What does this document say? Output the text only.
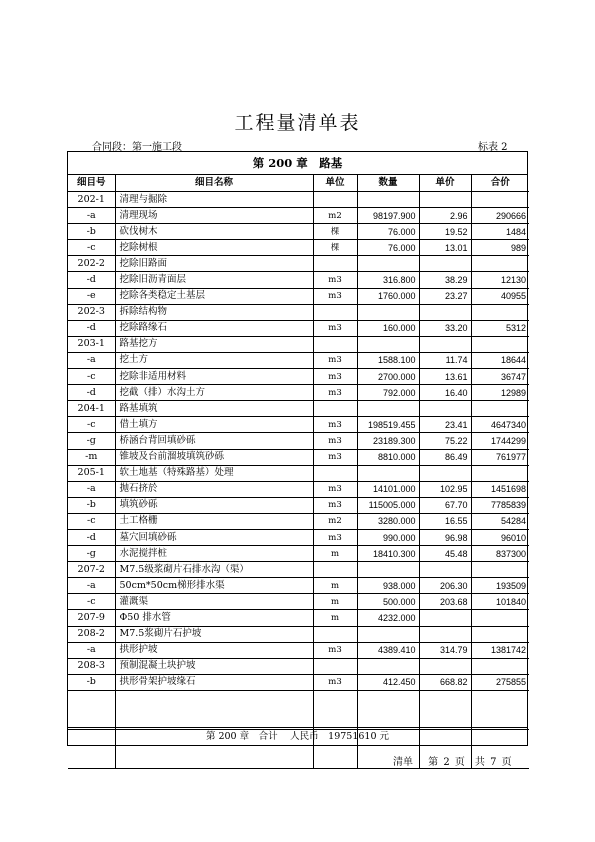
工程量清单表
合同段：第一施工段	标表 2
第 200 章　路基
细目号	细目名称	单位	数量	单价	合价
202-1	清理与掘除				
-a	清理现场	m2	98197.900	2.96	290666
-b	砍伐树木	棵	76.000	19.52	1484
-c	挖除树根	棵	76.000	13.01	989
202-2	挖除旧路面				
-d	挖除旧沥青面层	m3	316.800	38.29	12130
-e	挖除各类稳定土基层	m3	1760.000	23.27	40955
202-3	拆除结构物				
-d	挖除路缘石	m3	160.000	33.20	5312
203-1	路基挖方				
-a	挖土方	m3	1588.100	11.74	18644
-c	挖除非适用材料	m3	2700.000	13.61	36747
-d	挖截（排）水沟土方	m3	792.000	16.40	12989
204-1	路基填筑				
-c	借土填方	m3	198519.455	23.41	4647340
-g	桥涵台背回填砂砾	m3	23189.300	75.22	1744299
-m	锥坡及台前溜坡填筑砂砾	m3	8810.000	86.49	761977
205-1	软土地基（特殊路基）处理				
-a	抛石挤於	m3	14101.000	102.95	1451698
-b	填筑砂砾	m3	115005.000	67.70	7785839
-c	土工格栅	m2	3280.000	16.55	54284
-d	墓穴回填砂砾	m3	990.000	96.98	96010
-g	水泥搅拌桩	m	18410.300	45.48	837300
207-2	M7.5级浆砌片石排水沟（渠）				
-a	50cm*50cm梯形排水渠	m	938.000	206.30	193509
-c	灌溉渠	m	500.000	203.68	101840
207-9	Φ50 排水管	m	4232.000		
208-2	M7.5浆砌片石护坡				
-a	拱形护坡	m3	4389.410	314.79	1381742
208-3	预制混凝土块护坡				
-b	拱形骨架护坡缘石	m3	412.450	668.82	275855

第 200 章　合计　 人民币　19751610 元
清单　 第 2 页　共 7 页
